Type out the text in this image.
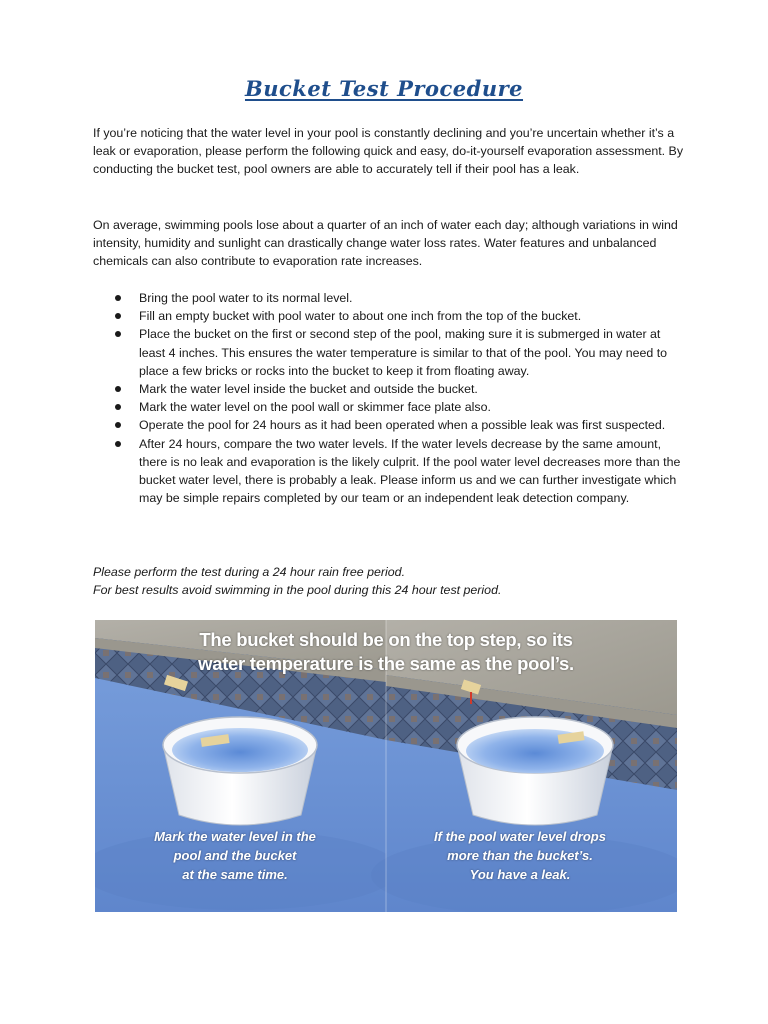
Bucket Test Procedure
If you’re noticing that the water level in your pool is constantly declining and you’re uncertain whether it’s a leak or evaporation, please perform the following quick and easy, do-it-yourself evaporation assessment. By conducting the bucket test, pool owners are able to accurately tell if their pool has a leak.
On average, swimming pools lose about a quarter of an inch of water each day; although variations in wind intensity, humidity and sunlight can drastically change water loss rates. Water features and unbalanced chemicals can also contribute to evaporation rate increases.
Bring the pool water to its normal level.
Fill an empty bucket with pool water to about one inch from the top of the bucket.
Place the bucket on the first or second step of the pool, making sure it is submerged in water at least 4 inches. This ensures the water temperature is similar to that of the pool. You may need to place a few bricks or rocks into the bucket to keep it from floating away.
Mark the water level inside the bucket and outside the bucket.
Mark the water level on the pool wall or skimmer face plate also.
Operate the pool for 24 hours as it had been operated when a possible leak was first suspected.
After 24 hours, compare the two water levels. If the water levels decrease by the same amount, there is no leak and evaporation is the likely culprit. If the pool water level decreases more than the bucket water level, there is probably a leak. Please inform us and we can further investigate which may be simple repairs completed by our team or an independent leak detection company.
Please perform the test during a 24 hour rain free period.
For best results avoid swimming in the pool during this 24 hour test period.
The bucket should be on the top step, so its
water temperature is the same as the pool’s.
Mark the water level in the
pool and the bucket
at the same time.
If the pool water level drops
more than the bucket’s.
You have a leak.
